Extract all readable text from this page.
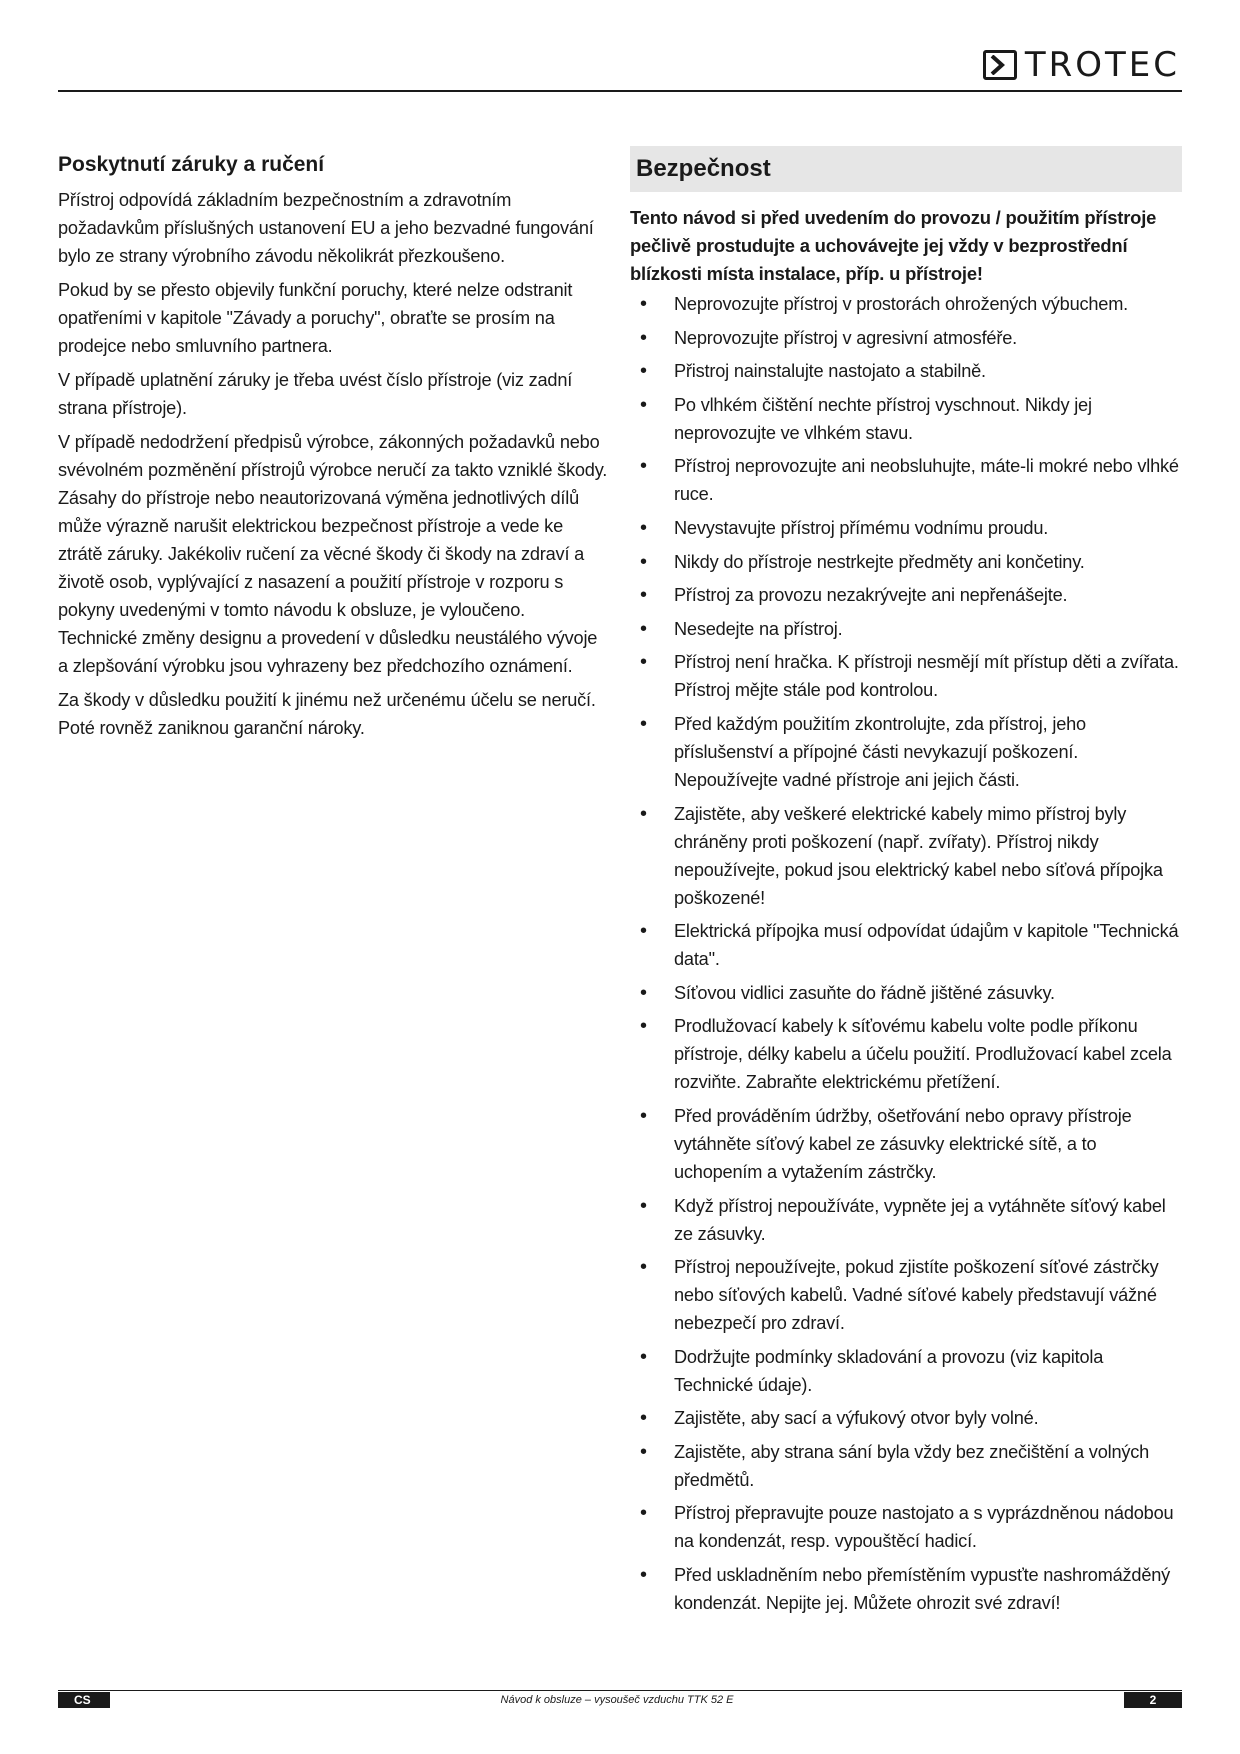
TROTEC
Poskytnutí záruky a ručení

Přístroj odpovídá základním bezpečnostním a zdravotním požadavkům příslušných ustanovení EU a jeho bezvadné fungování bylo ze strany výrobního závodu několikrát přezkoušeno.

Pokud by se přesto objevily funkční poruchy, které nelze odstranit opatřeními v kapitole "Závady a poruchy", obraťte se prosím na prodejce nebo smluvního partnera.

V případě uplatnění záruky je třeba uvést číslo přístroje (viz zadní strana přístroje).

V případě nedodržení předpisů výrobce, zákonných požadavků nebo svévolném pozměnění přístrojů výrobce neručí za takto vzniklé škody. Zásahy do přístroje nebo neautorizovaná výměna jednotlivých dílů může výrazně narušit elektrickou bezpečnost přístroje a vede ke ztrátě záruky. Jakékoliv ručení za věcné škody či škody na zdraví a životě osob, vyplývající z nasazení a použití přístroje v rozporu s pokyny uvedenými v tomto návodu k obsluze, je vyloučeno. Technické změny designu a provedení v důsledku neustálého vývoje a zlepšování výrobku jsou vyhrazeny bez předchozího oznámení.

Za škody v důsledku použití k jinému než určenému účelu se neručí. Poté rovněž zaniknou garanční nároky.

Bezpečnost

Tento návod si před uvedením do provozu / použitím přístroje pečlivě prostudujte a uchovávejte jej vždy v bezprostřední blízkosti místa instalace, příp. u přístroje!

• Neprovozujte přístroj v prostorách ohrožených výbuchem.
• Neprovozujte přístroj v agresivní atmosféře.
• Přistroj nainstalujte nastojato a stabilně.
• Po vlhkém čištění nechte přístroj vyschnout. Nikdy jej neprovozujte ve vlhkém stavu.
• Přístroj neprovozujte ani neobsluhujte, máte-li mokré nebo vlhké ruce.
• Nevystavujte přístroj přímému vodnímu proudu.
• Nikdy do přístroje nestrkejte předměty ani končetiny.
• Přístroj za provozu nezakrývejte ani nepřenášejte.
• Nesedejte na přístroj.
• Přístroj není hračka. K přístroji nesmějí mít přístup děti a zvířata. Přístroj mějte stále pod kontrolou.
• Před každým použitím zkontrolujte, zda přístroj, jeho příslušenství a přípojné části nevykazují poškození. Nepoužívejte vadné přístroje ani jejich části.
• Zajistěte, aby veškeré elektrické kabely mimo přístroj byly chráněny proti poškození (např. zvířaty). Přístroj nikdy nepoužívejte, pokud jsou elektrický kabel nebo síťová přípojka poškozené!
• Elektrická přípojka musí odpovídat údajům v kapitole "Technická data".
• Síťovou vidlici zasuňte do řádně jištěné zásuvky.
• Prodlužovací kabely k síťovému kabelu volte podle příkonu přístroje, délky kabelu a účelu použití. Prodlužovací kabel zcela rozviňte. Zabraňte elektrickému přetížení.
• Před prováděním údržby, ošetřování nebo opravy přístroje vytáhněte síťový kabel ze zásuvky elektrické sítě, a to uchopením a vytažením zástrčky.
• Když přístroj nepoužíváte, vypněte jej a vytáhněte síťový kabel ze zásuvky.
• Přístroj nepoužívejte, pokud zjistíte poškození síťové zástrčky nebo síťových kabelů. Vadné síťové kabely představují vážné nebezpečí pro zdraví.
• Dodržujte podmínky skladování a provozu (viz kapitola Technické údaje).
• Zajistěte, aby sací a výfukový otvor byly volné.
• Zajistěte, aby strana sání byla vždy bez znečištění a volných předmětů.
• Přístroj přepravujte pouze nastojato a s vyprázdněnou nádobou na kondenzát, resp. vypouštěcí hadicí.
• Před uskladněním nebo přemístěním vypusťte nashromážděný kondenzát. Nepijte jej. Můžete ohrozit své zdraví!
CS	Návod k obsluze – vysoušeč vzduchu TTK 52 E	2
